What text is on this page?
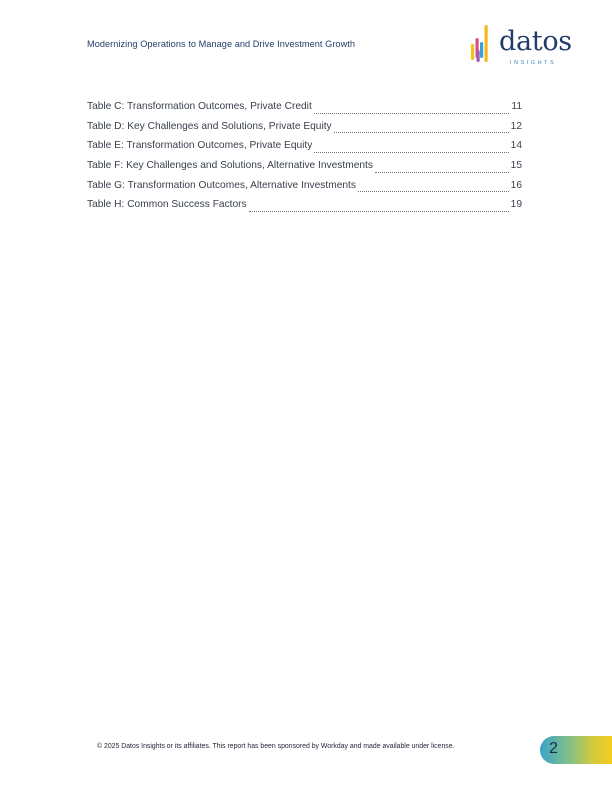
Modernizing Operations to Manage and Drive Investment Growth	datos
INSIGHTS
Table C: Transformation Outcomes, Private Credit	11
Table D: Key Challenges and Solutions, Private Equity	12
Table E: Transformation Outcomes, Private Equity	14
Table F: Key Challenges and Solutions, Alternative Investments	15
Table G: Transformation Outcomes, Alternative Investments	16
Table H: Common Success Factors	19
© 2025 Datos Insights or its affiliates. This report has been sponsored by Workday and made available under license.	2
